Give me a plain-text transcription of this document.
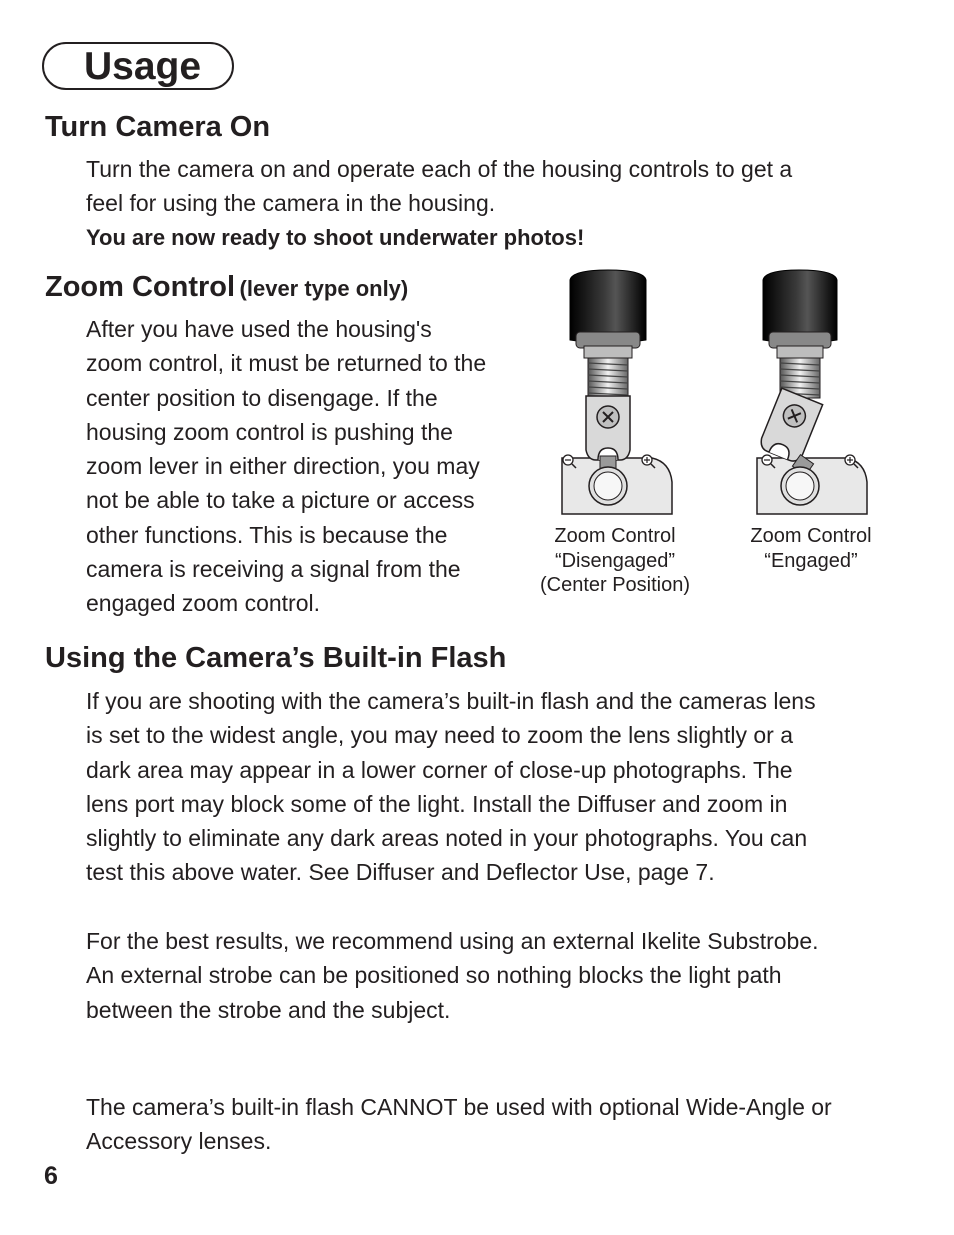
Usage
Turn Camera On

Turn the camera on and operate each of the housing controls to get a

feel for using the camera in the housing.

You are now ready to shoot underwater photos!

Zoom Control (lever type only)

After you have used the housing's

zoom control, it must be returned to the

center position to disengage. If the

housing zoom control is pushing the

zoom lever in either direction, you may

not be able to take a picture or access

other functions. This is because the

camera is receiving a signal from the

engaged zoom control.

Zoom Control
“Disengaged”
(Center Position)
Zoom Control
“Engaged”
Using the Camera’s Built-in Flash

If you are shooting with the camera’s built-in flash and the cameras lens

is set to the widest angle, you may need to zoom the lens slightly or a

dark area may appear in a lower corner of close-up photographs. The

lens port may block some of the light. Install the Diffuser and zoom in

slightly to eliminate any dark areas noted in your photographs. You can

test this above water. See Diffuser and Deflector Use, page 7.

For the best results, we recommend using an external Ikelite Substrobe.

An external strobe can be positioned so nothing blocks the light path

between the strobe and the subject.

The camera’s built-in flash CANNOT be used with optional Wide-Angle or

Accessory lenses.

6
